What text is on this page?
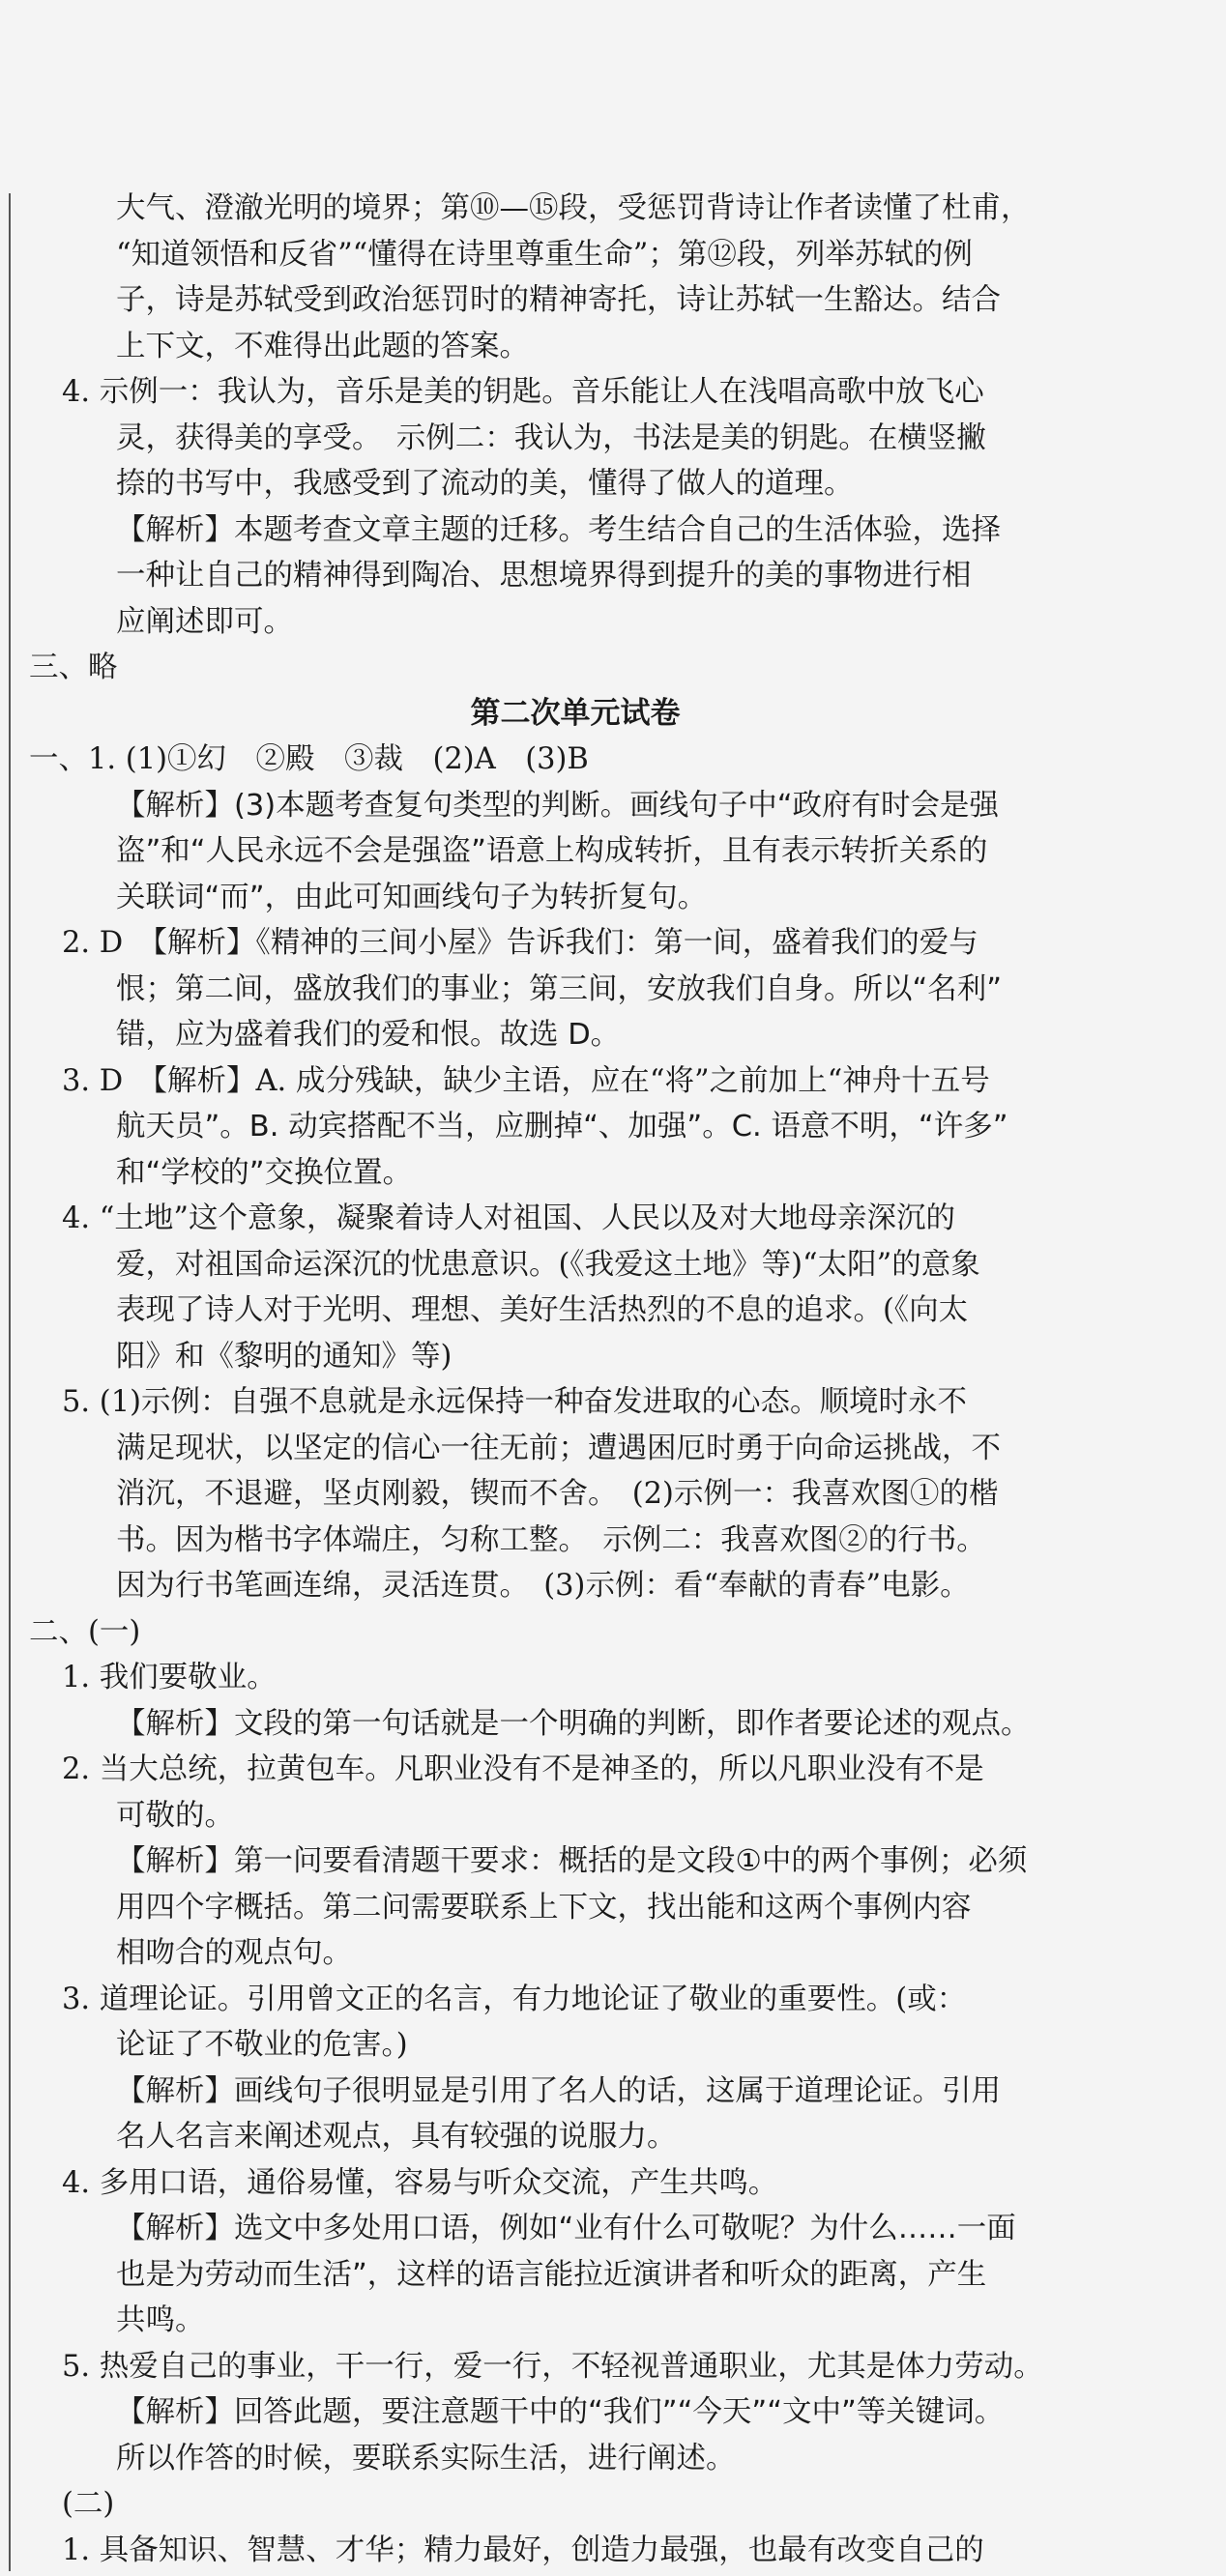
大气、澄澈光明的境界；第⑩—⑮段，受惩罚背诗让作者读懂了杜甫，
“知道领悟和反省”“懂得在诗里尊重生命”；第⑫段，列举苏轼的例
子，诗是苏轼受到政治惩罚时的精神寄托，诗让苏轼一生豁达。结合
上下文，不难得出此题的答案。
4. 示例一：我认为，音乐是美的钥匙。音乐能让人在浅唱高歌中放飞心
灵，获得美的享受。　示例二：我认为，书法是美的钥匙。在横竖撇
捺的书写中，我感受到了流动的美，懂得了做人的道理。
【解析】本题考查文章主题的迁移。考生结合自己的生活体验，选择
一种让自己的精神得到陶冶、思想境界得到提升的美的事物进行相
应阐述即可。
三、略
第二次单元试卷
一、1. (1)①幻　②殿　③裁　(2)A　(3)B
【解析】(3)本题考查复句类型的判断。画线句子中“政府有时会是强
盗”和“人民永远不会是强盗”语意上构成转折，且有表示转折关系的
关联词“而”，由此可知画线句子为转折复句。
2. D　【解析】《精神的三间小屋》告诉我们：第一间，盛着我们的爱与
恨；第二间，盛放我们的事业；第三间，安放我们自身。所以“名利”
错，应为盛着我们的爱和恨。故选 D。
3. D　【解析】A. 成分残缺，缺少主语，应在“将”之前加上“神舟十五号
航天员”。B. 动宾搭配不当，应删掉“、加强”。C. 语意不明，“许多”
和“学校的”交换位置。
4. “土地”这个意象，凝聚着诗人对祖国、人民以及对大地母亲深沉的
爱，对祖国命运深沉的忧患意识。(《我爱这土地》等)“太阳”的意象
表现了诗人对于光明、理想、美好生活热烈的不息的追求。(《向太
阳》和《黎明的通知》等)
5. (1)示例：自强不息就是永远保持一种奋发进取的心态。顺境时永不
满足现状，以坚定的信心一往无前；遭遇困厄时勇于向命运挑战，不
消沉，不退避，坚贞刚毅，锲而不舍。　(2)示例一：我喜欢图①的楷
书。因为楷书字体端庄，匀称工整。　示例二：我喜欢图②的行书。
因为行书笔画连绵，灵活连贯。　(3)示例：看“奉献的青春”电影。
二、(一)
1. 我们要敬业。
【解析】文段的第一句话就是一个明确的判断，即作者要论述的观点。
2. 当大总统，拉黄包车。凡职业没有不是神圣的，所以凡职业没有不是
可敬的。
【解析】第一问要看清题干要求：概括的是文段①中的两个事例；必须
用四个字概括。第二问需要联系上下文，找出能和这两个事例内容
相吻合的观点句。
3. 道理论证。引用曾文正的名言，有力地论证了敬业的重要性。(或：
论证了不敬业的危害。)
【解析】画线句子很明显是引用了名人的话，这属于道理论证。引用
名人名言来阐述观点，具有较强的说服力。
4. 多用口语，通俗易懂，容易与听众交流，产生共鸣。
【解析】选文中多处用口语，例如“业有什么可敬呢？为什么……一面
也是为劳动而生活”，这样的语言能拉近演讲者和听众的距离，产生
共鸣。
5. 热爱自己的事业，干一行，爱一行，不轻视普通职业，尤其是体力劳动。
【解析】回答此题，要注意题干中的“我们”“今天”“文中”等关键词。
所以作答的时候，要联系实际生活，进行阐述。
(二)
1. 具备知识、智慧、才华；精力最好，创造力最强，也最有改变自己的
